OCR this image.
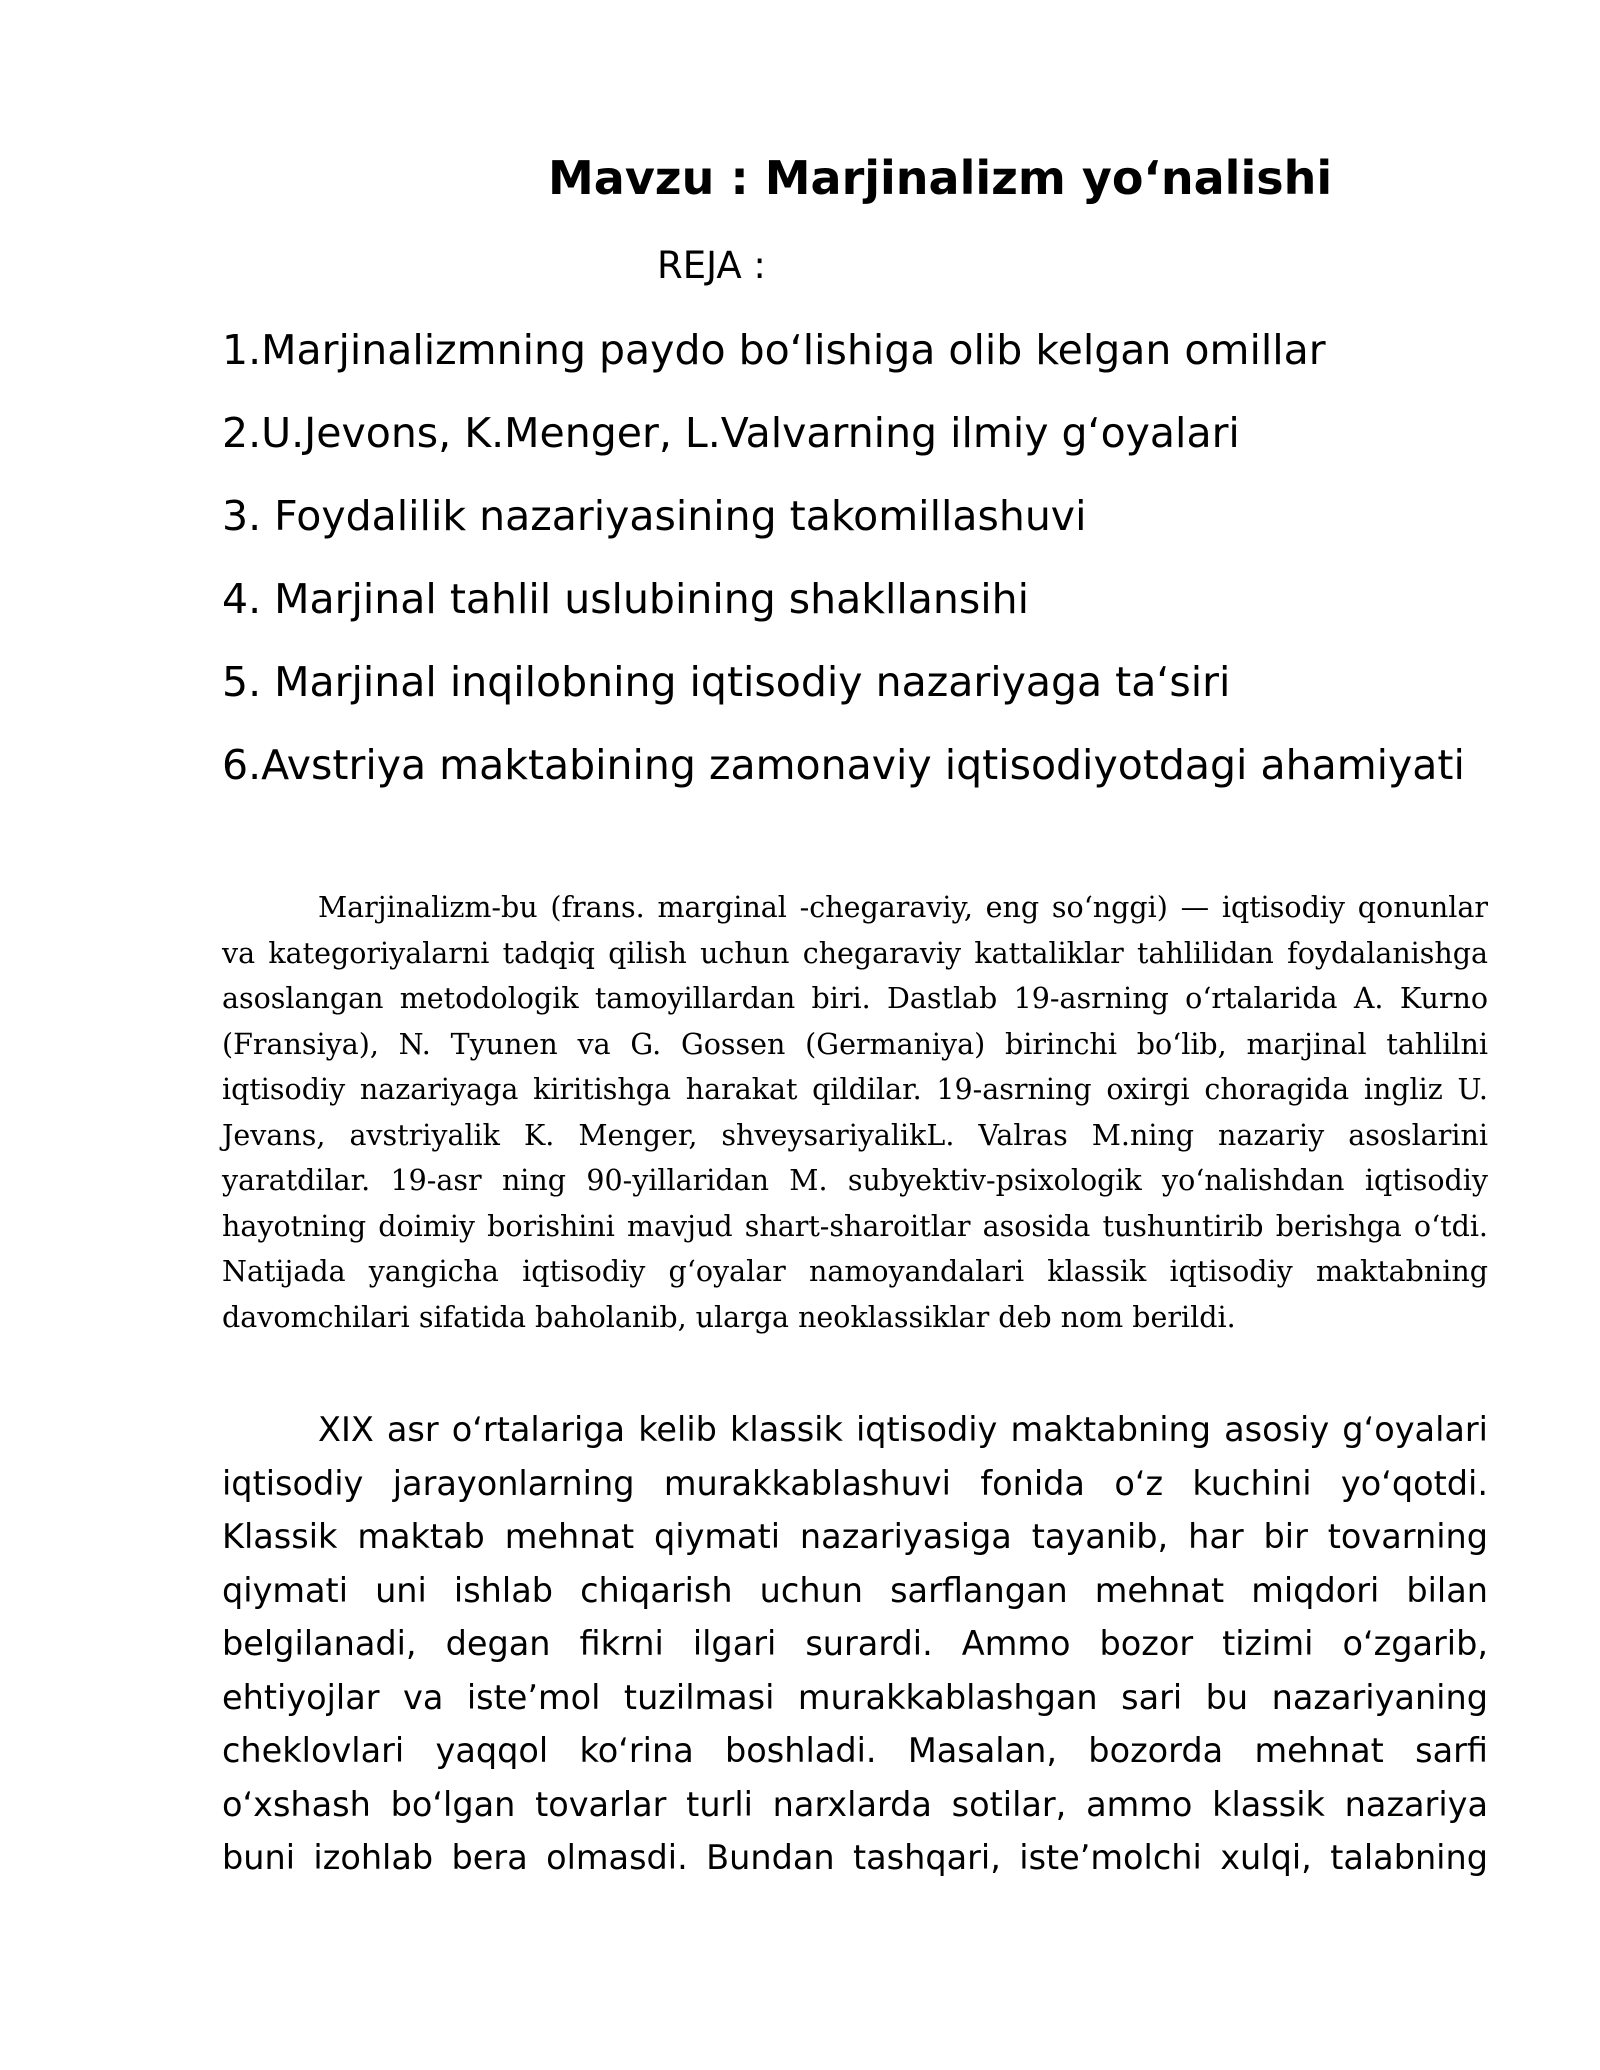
Mavzu : Marjinalizm yo‘nalishi
REJA :
1.Marjinalizmning paydo bo‘lishiga olib kelgan omillar
2.U.Jevons, K.Menger, L.Valvarning ilmiy g‘oyalari
3. Foydalilik nazariyasining takomillashuvi
4. Marjinal tahlil uslubining shakllansihi
5. Marjinal inqilobning iqtisodiy nazariyaga ta‘siri
6.Avstriya maktabining zamonaviy iqtisodiyotdagi ahamiyati

Marjinalizm-bu (frans. marginal -chegaraviy, eng so‘nggi) — iqtisodiy qonunlar va kategoriyalarni tadqiq qilish uchun chegaraviy kattaliklar tahlilidan foydalanishga asoslangan metodologik tamoyillardan biri. Dastlab 19-asrning o‘rtalarida A. Kurno (Fransiya), N. Tyunen va G. Gossen (Germaniya) birinchi bo‘lib, marjinal tahlilni iqtisodiy nazariyaga kiritishga harakat qildilar. 19-asrning oxirgi choragida ingliz U. Jevans, avstriyalik K. Menger, shveysariyalikL. Valras M.ning nazariy asoslarini yaratdilar. 19-asr ning 90-yillaridan M. subyektiv-psixologik yo‘nalishdan iqtisodiy hayotning doimiy borishini mavjud shart-sharoitlar asosida tushuntirib berishga o‘tdi. Natijada yangicha iqtisodiy g‘oyalar namoyandalari klassik iqtisodiy maktabning davomchilari sifatida baholanib, ularga neoklassiklar deb nom berildi.

XIX asr oʻrtalariga kelib klassik iqtisodiy maktabning asosiy gʻoyalari iqtisodiy jarayonlarning murakkablashuvi fonida oʻz kuchini yoʻqotdi. Klassik maktab mehnat qiymati nazariyasiga tayanib, har bir tovarning qiymati uni ishlab chiqarish uchun sarflangan mehnat miqdori bilan belgilanadi, degan fikrni ilgari surardi. Ammo bozor tizimi oʻzgarib, ehtiyojlar va isteʼmol tuzilmasi murakkablashgan sari bu nazariyaning cheklovlari yaqqol koʻrina boshladi. Masalan, bozorda mehnat sarfi oʻxshash boʻlgan tovarlar turli narxlarda sotilar, ammo klassik nazariya buni izohlab bera olmasdi. Bundan tashqari, isteʼmolchi xulqi, talabning
